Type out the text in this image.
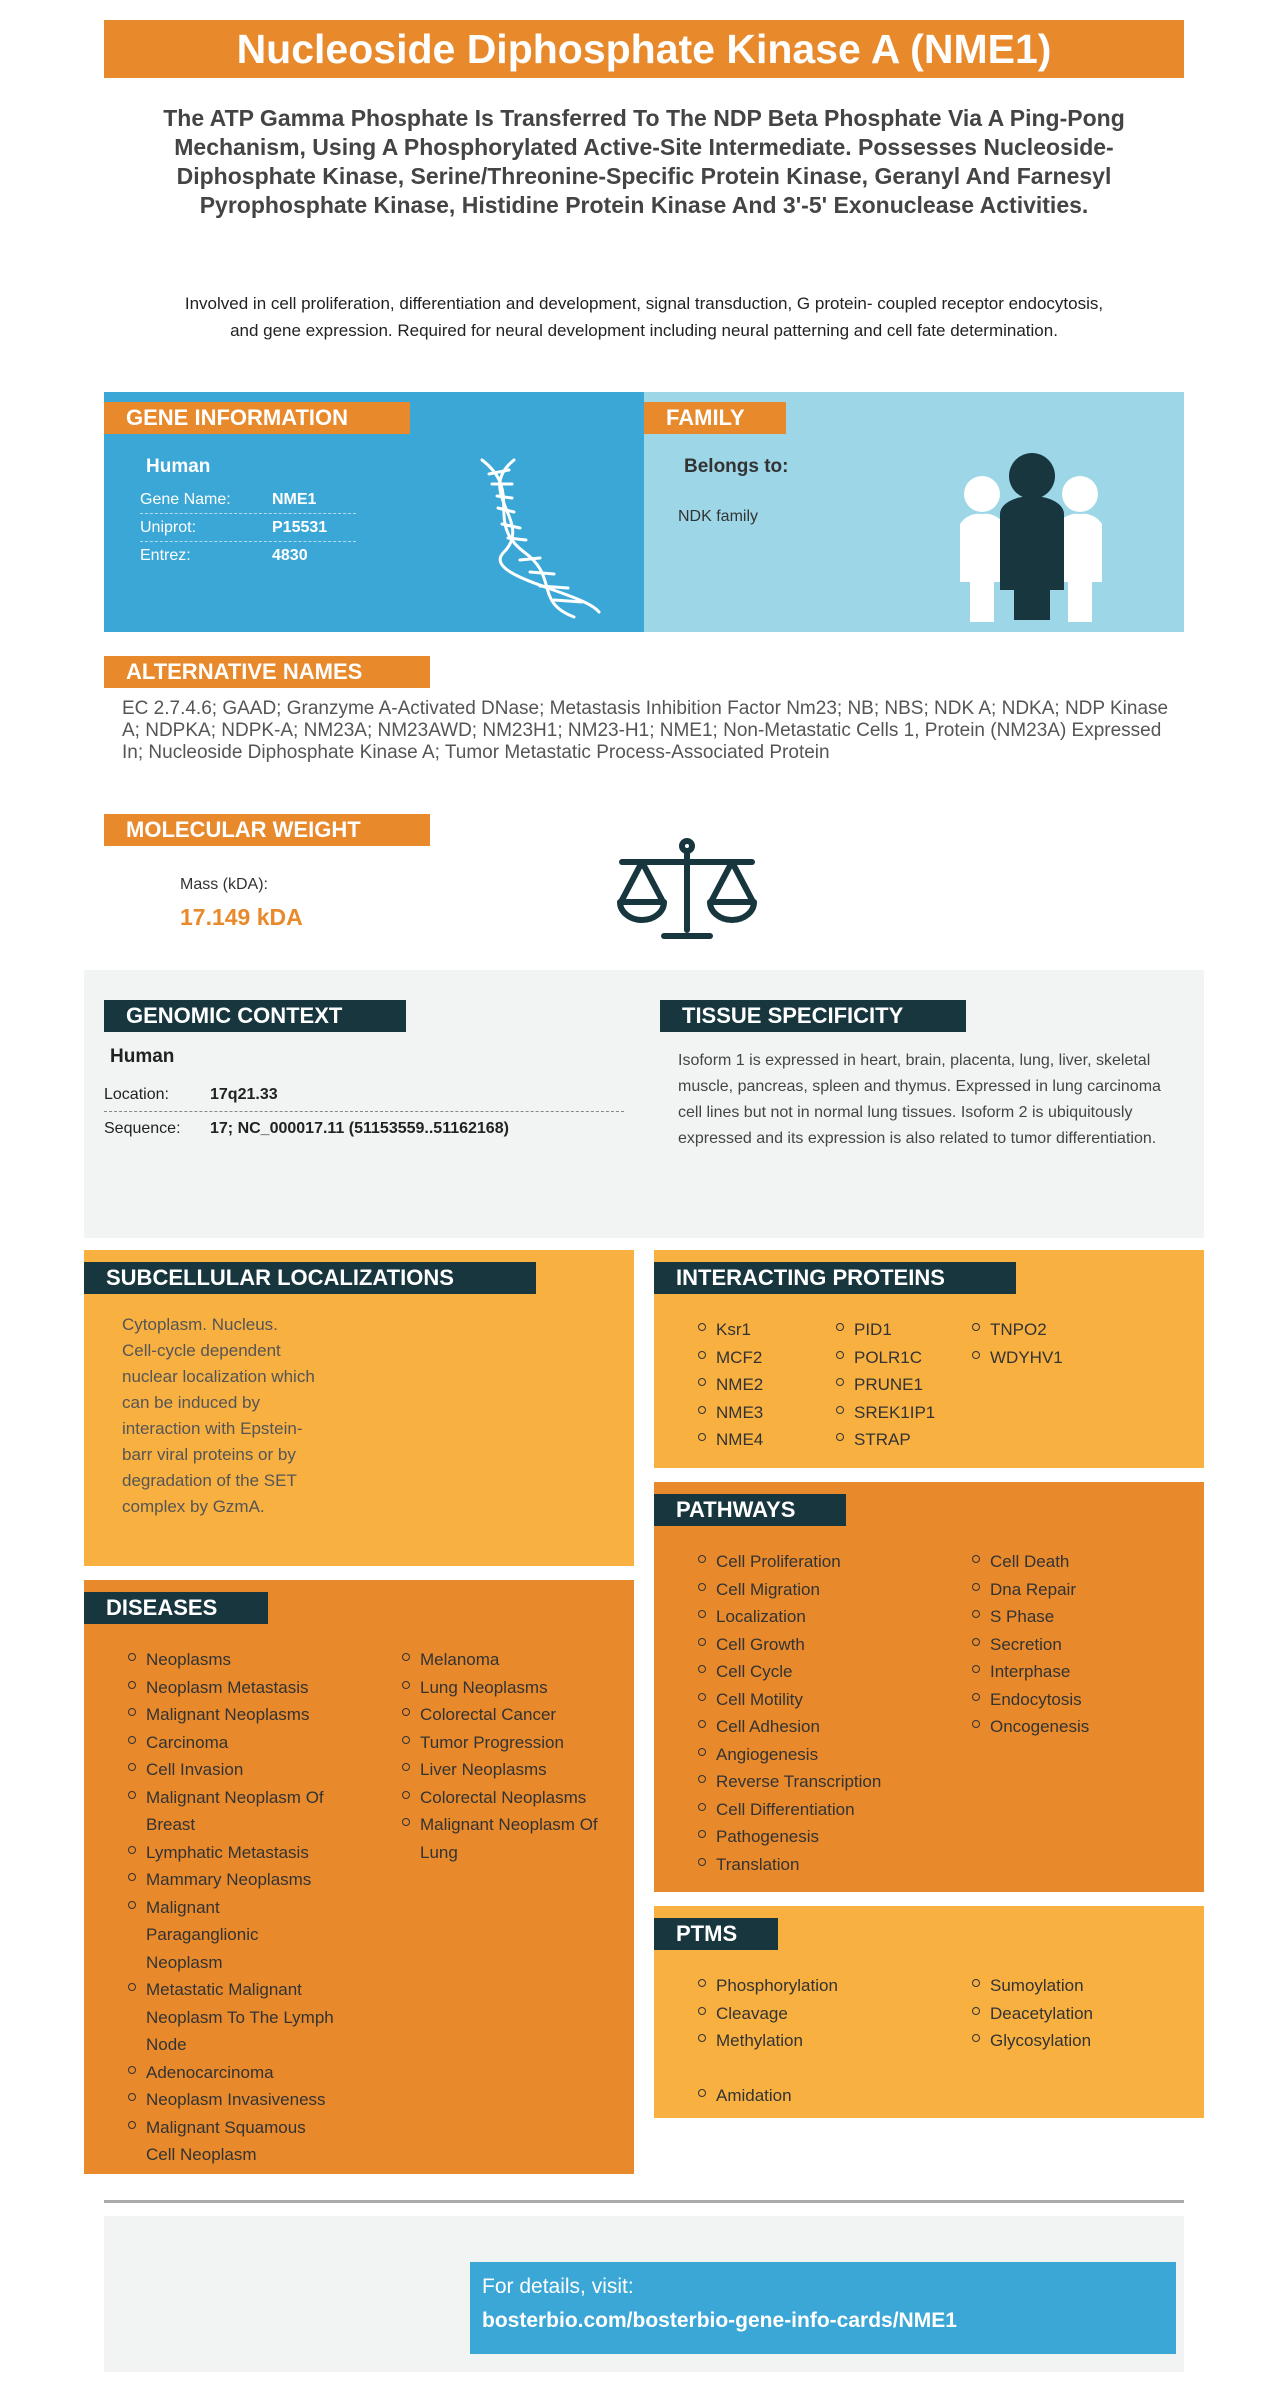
Nucleoside Diphosphate Kinase A (NME1)
The ATP Gamma Phosphate Is Transferred To The NDP Beta Phosphate Via A Ping-Pong Mechanism, Using A Phosphorylated Active-Site Intermediate. Possesses Nucleoside-Diphosphate Kinase, Serine/Threonine-Specific Protein Kinase, Geranyl And Farnesyl Pyrophosphate Kinase, Histidine Protein Kinase And 3'-5' Exonuclease Activities.
Involved in cell proliferation, differentiation and development, signal transduction, G protein- coupled receptor endocytosis, and gene expression. Required for neural development including neural patterning and cell fate determination.
GENE INFORMATION
Human
Gene Name:	NME1
Uniprot:	P15531
Entrez:	4830
FAMILY
Belongs to:
NDK family
ALTERNATIVE NAMES
EC 2.7.4.6; GAAD; Granzyme A-Activated DNase; Metastasis Inhibition Factor Nm23; NB; NBS; NDK A; NDKA; NDP Kinase A; NDPKA; NDPK-A; NM23A; NM23AWD; NM23H1; NM23-H1; NME1; Non-Metastatic Cells 1, Protein (NM23A) Expressed In; Nucleoside Diphosphate Kinase A; Tumor Metastatic Process-Associated Protein
MOLECULAR WEIGHT
Mass (kDA):
17.149 kDA
GENOMIC CONTEXT
Human
Location:	17q21.33
Sequence: 17; NC_000017.11 (51153559..51162168)
TISSUE SPECIFICITY
Isoform 1 is expressed in heart, brain, placenta, lung, liver, skeletal muscle, pancreas, spleen and thymus. Expressed in lung carcinoma cell lines but not in normal lung tissues. Isoform 2 is ubiquitously expressed and its expression is also related to tumor differentiation.
SUBCELLULAR LOCALIZATIONS
Cytoplasm. Nucleus.
Cell-cycle dependent
nuclear localization which
can be induced by
interaction with Epstein-
barr viral proteins or by
degradation of the SET
complex by GzmA.
INTERACTING PROTEINS
Ksr1
MCF2
NME2
NME3
NME4
PID1
POLR1C
PRUNE1
SREK1IP1
STRAP
TNPO2
WDYHV1
PATHWAYS
Cell Proliferation
Cell Migration
Localization
Cell Growth
Cell Cycle
Cell Motility
Cell Adhesion
Angiogenesis
Reverse Transcription
Cell Differentiation
Pathogenesis
Translation
Cell Death
Dna Repair
S Phase
Secretion
Interphase
Endocytosis
Oncogenesis
DISEASES
Neoplasms
Neoplasm Metastasis
Malignant Neoplasms
Carcinoma
Cell Invasion
Malignant Neoplasm Of
Breast
Lymphatic Metastasis
Mammary Neoplasms
Malignant
Paraganglionic
Neoplasm
Metastatic Malignant
Neoplasm To The Lymph
Node
Adenocarcinoma
Neoplasm Invasiveness
Malignant Squamous
Cell Neoplasm
Melanoma
Lung Neoplasms
Colorectal Cancer
Tumor Progression
Liver Neoplasms
Colorectal Neoplasms
Malignant Neoplasm Of
Lung
PTMS
Phosphorylation
Cleavage
Methylation
Amidation
Sumoylation
Deacetylation
Glycosylation
For details, visit:
bosterbio.com/bosterbio-gene-info-cards/NME1
